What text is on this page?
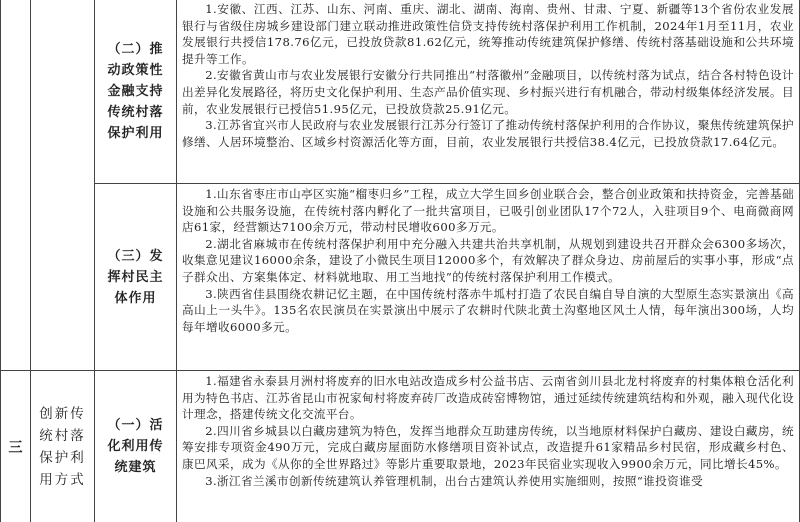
（二）推动政策性金融支持传统村落保护利用

1.安徽、江西、江苏、山东、河南、重庆、湖北、湖南、海南、贵州、甘肃、宁夏、新疆等13个省份农业发展银行与省级住房城乡建设部门建立联动推进政策性信贷支持传统村落保护利用工作机制，2024年1月至11月，农业发展银行共授信178.76亿元，已投放贷款81.62亿元，统筹推动传统建筑保护修缮、传统村落基础设施和公共环境提升等工作。

2.安徽省黄山市与农业发展银行安徽分行共同推出“村落徽州”金融项目，以传统村落为试点，结合各村特色设计出差异化发展路径，将历史文化保护利用、生态产品价值实现、乡村振兴进行有机融合，带动村级集体经济发展。目前，农业发展银行已授信51.95亿元，已投放贷款25.91亿元。

3.江苏省宜兴市人民政府与农业发展银行江苏分行签订了推动传统村落保护利用的合作协议，聚焦传统建筑保护修缮、人居环境整治、区域乡村资源活化等方面，目前，农业发展银行共授信38.4亿元，已投放贷款17.64亿元。

（三）发挥村民主体作用

1.山东省枣庄市山亭区实施“榴枣归乡”工程，成立大学生回乡创业联合会，整合创业政策和扶持资金，完善基础设施和公共服务设施，在传统村落内孵化了一批共富项目，已吸引创业团队17个72人，入驻项目9个、电商微商网店61家，经营额达7100余万元，带动村民增收600多万元。

2.湖北省麻城市在传统村落保护利用中充分融入共建共治共享机制，从规划到建设共召开群众会6300多场次，收集意见建议16000余条，建设了小微民生项目12000多个，有效解决了群众身边、房前屋后的实事小事，形成“点子群众出、方案集体定、材料就地取、用工当地找”的传统村落保护利用工作模式。

3.陕西省佳县围绕农耕记忆主题，在中国传统村落赤牛坬村打造了农民自编自导自演的大型原生态实景演出《高高山上一头牛》。135名农民演员在实景演出中展示了农耕时代陕北黄土沟壑地区风土人情，每年演出300场，人均每年增收6000多元。

三
创新传统村落保护利用方式
（一）活化利用传统建筑

1.福建省永泰县月洲村将废弃的旧水电站改造成乡村公益书店、云南省剑川县北龙村将废弃的村集体粮仓活化利用为特色书店、江苏省昆山市祝家甸村将废弃砖厂改造成砖窑博物馆，通过延续传统建筑结构和外观，融入现代化设计理念，搭建传统文化交流平台。

2.四川省乡城县以白藏房建筑为特色，发挥当地群众互助建房传统，以当地原材料保护白藏房、建设白藏房，统筹安排专项资金490万元，完成白藏房屋面防水修缮项目资补试点，改造提升61家精品乡村民宿，形成藏乡村色、康巴风采，成为《从你的全世界路过》等影片重要取景地，2023年民宿业实现收入9900余万元，同比增长45%。

3.浙江省兰溪市创新传统建筑认养管理机制，出台古建筑认养使用实施细则，按照“谁投资谁受
